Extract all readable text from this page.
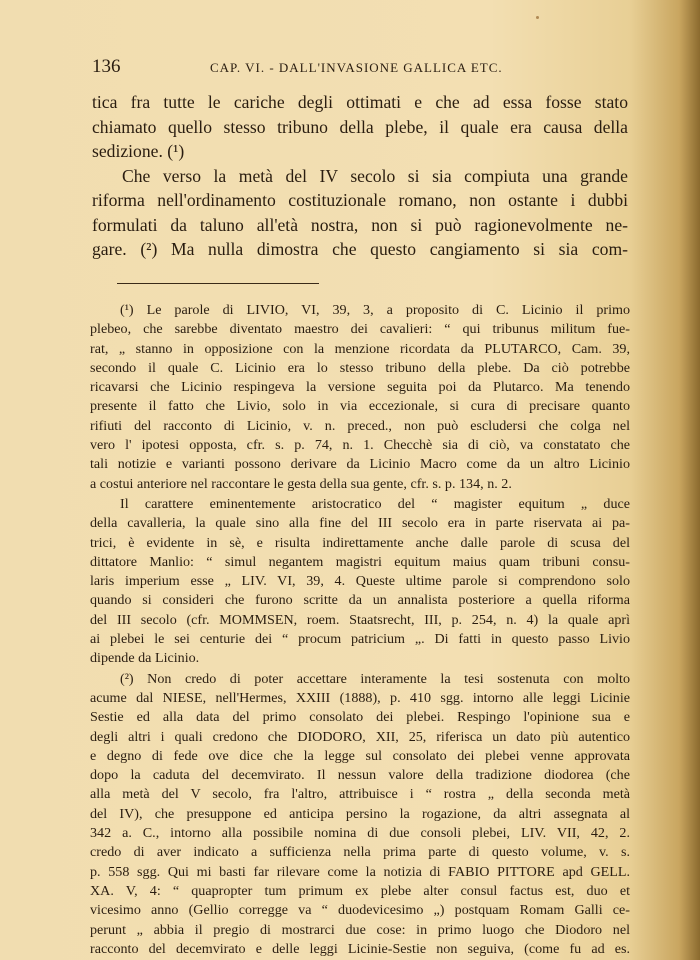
136	CAP. VI. - DALL'INVASIONE GALLICA ETC.
tica fra tutte le cariche degli ottimati e che ad essa fosse stato
chiamato quello stesso tribuno della plebe, il quale era causa della
sedizione. (¹)
Che verso la metà del IV secolo si sia compiuta una grande
riforma nell'ordinamento costituzionale romano, non ostante i dubbi
formulati da taluno all'età nostra, non si può ragionevolmente ne-
gare. (²) Ma nulla dimostra che questo cangiamento si sia com-
(¹) Le parole di LIVIO, VI, 39, 3, a proposito di C. Licinio il primo
plebeo, che sarebbe diventato maestro dei cavalieri: “ qui tribunus militum fue-
rat, „ stanno in opposizione con la menzione ricordata da PLUTARCO, Cam. 39,
secondo il quale C. Licinio era lo stesso tribuno della plebe. Da ciò potrebbe
ricavarsi che Licinio respingeva la versione seguita poi da Plutarco. Ma tenendo
presente il fatto che Livio, solo in via eccezionale, si cura di precisare quanto
rifiuti del racconto di Licinio, v. n. preced., non può escludersi che colga nel
vero l' ipotesi opposta, cfr. s. p. 74, n. 1. Checchè sia di ciò, va constatato che
tali notizie e varianti possono derivare da Licinio Macro come da un altro Licinio
a costui anteriore nel raccontare le gesta della sua gente, cfr. s. p. 134, n. 2.
Il carattere eminentemente aristocratico del “ magister equitum „ duce
della cavalleria, la quale sino alla fine del III secolo era in parte riservata ai pa-
trici, è evidente in sè, e risulta indirettamente anche dalle parole di scusa del
dittatore Manlio: “ simul negantem magistri equitum maius quam tribuni consu-
laris imperium esse „ LIV. VI, 39, 4. Queste ultime parole si comprendono solo
quando si consideri che furono scritte da un annalista posteriore a quella riforma
del III secolo (cfr. MOMMSEN, roem. Staatsrecht, III, p. 254, n. 4) la quale aprì
ai plebei le sei centurie dei “ procum patricium „. Di fatti in questo passo Livio
dipende da Licinio.
(²) Non credo di poter accettare interamente la tesi sostenuta con molto
acume dal NIESE, nell'Hermes, XXIII (1888), p. 410 sgg. intorno alle leggi Licinie
Sestie ed alla data del primo consolato dei plebei. Respingo l'opinione sua e
degli altri i quali credono che DIODORO, XII, 25, riferisca un dato più autentico
e degno di fede ove dice che la legge sul consolato dei plebei venne approvata
dopo la caduta del decemvirato. Il nessun valore della tradizione diodorea (che
alla metà del V secolo, fra l'altro, attribuisce i “ rostra „ della seconda metà
del IV), che presuppone ed anticipa persino la rogazione, da altri assegnata al
342 a. C., intorno alla possibile nomina di due consoli plebei, LIV. VII, 42, 2.
credo di aver indicato a sufficienza nella prima parte di questo volume, v. s.
p. 558 sgg. Qui mi basti far rilevare come la notizia di FABIO PITTORE apd GELL.
XA. V, 4: “ quapropter tum primum ex plebe alter consul factus est, duo et
vicesimo anno (Gellio corregge va “ duodevicesimo „) postquam Romam Galli ce-
perunt „ abbia il pregio di mostrarci due cose: in primo luogo che Diodoro nel
racconto del decemvirato e delle leggi Licinie-Sestie non seguiva, (come fu ad es.
